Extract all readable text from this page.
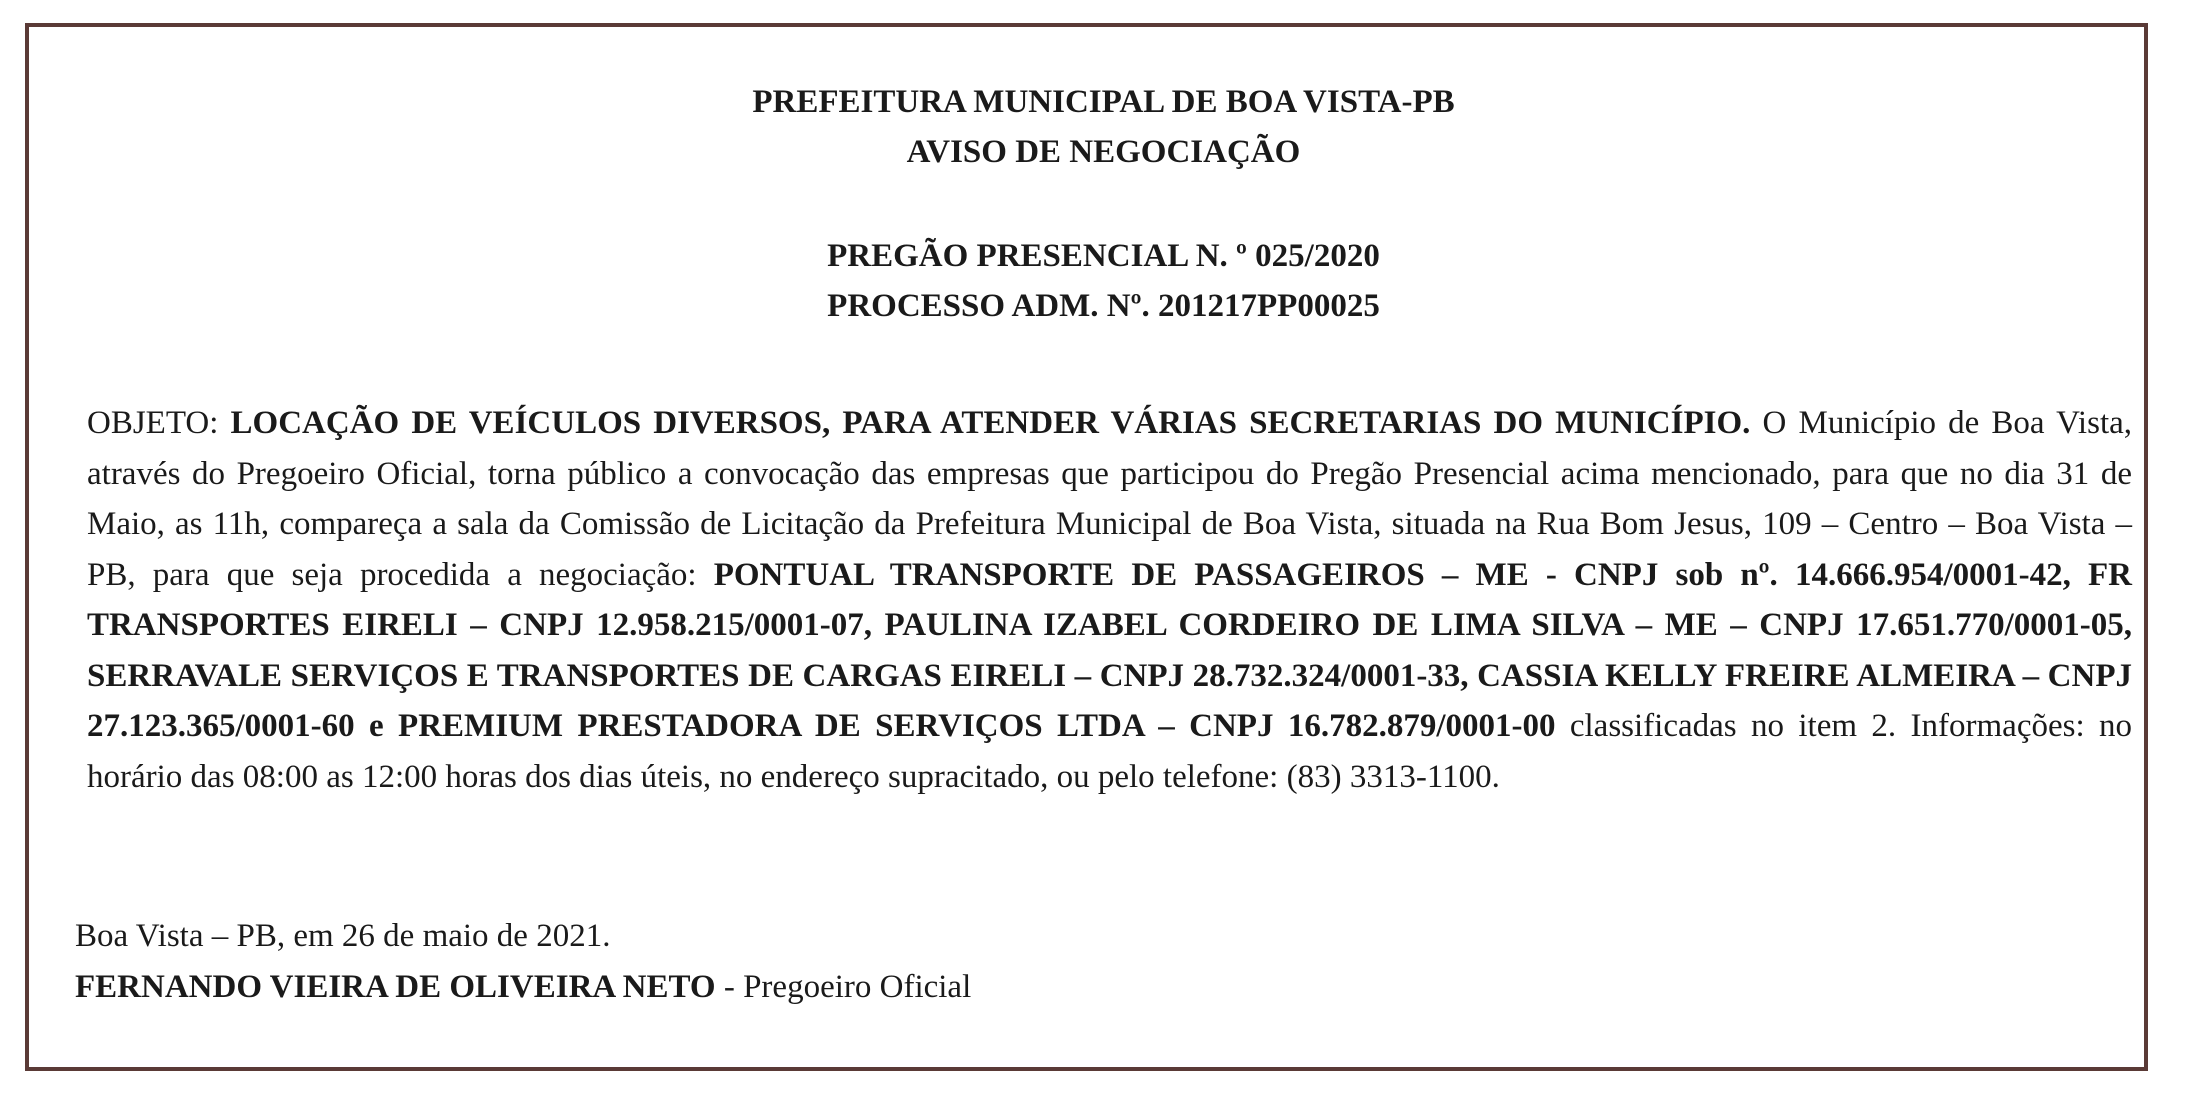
PREFEITURA MUNICIPAL DE BOA VISTA-PB

AVISO DE NEGOCIAÇÃO

PREGÃO PRESENCIAL N. º 025/2020

PROCESSO ADM. Nº. 201217PP00025

OBJETO: LOCAÇÃO DE VEÍCULOS DIVERSOS, PARA ATENDER VÁRIAS SECRETARIAS DO MUNICÍPIO. O Município de Boa Vista, através do Pregoeiro Oficial, torna público a convocação das empresas que participou do Pregão Presencial acima mencionado, para que no dia 31 de Maio, as 11h, compareça a sala da Comissão de Licitação da Prefeitura Municipal de Boa Vista, situada na Rua Bom Jesus, 109 – Centro – Boa Vista – PB, para que seja procedida a negociação: PONTUAL TRANSPORTE DE PASSAGEIROS – ME - CNPJ sob nº. 14.666.954/0001-42, FR TRANSPORTES EIRELI – CNPJ 12.958.215/0001-07, PAULINA IZABEL CORDEIRO DE LIMA SILVA – ME – CNPJ 17.651.770/0001-05, SERRAVALE SERVIÇOS E TRANSPORTES DE CARGAS EIRELI – CNPJ 28.732.324/0001-33, CASSIA KELLY FREIRE ALMEIRA – CNPJ 27.123.365/0001-60 e PREMIUM PRESTADORA DE SERVIÇOS LTDA – CNPJ 16.782.879/0001-00 classificadas no item 2. Informações: no horário das 08:00 as 12:00 horas dos dias úteis, no endereço supracitado, ou pelo telefone: (83) 3313-1100.

Boa Vista – PB, em 26 de maio de 2021.

FERNANDO VIEIRA DE OLIVEIRA NETO - Pregoeiro Oficial
